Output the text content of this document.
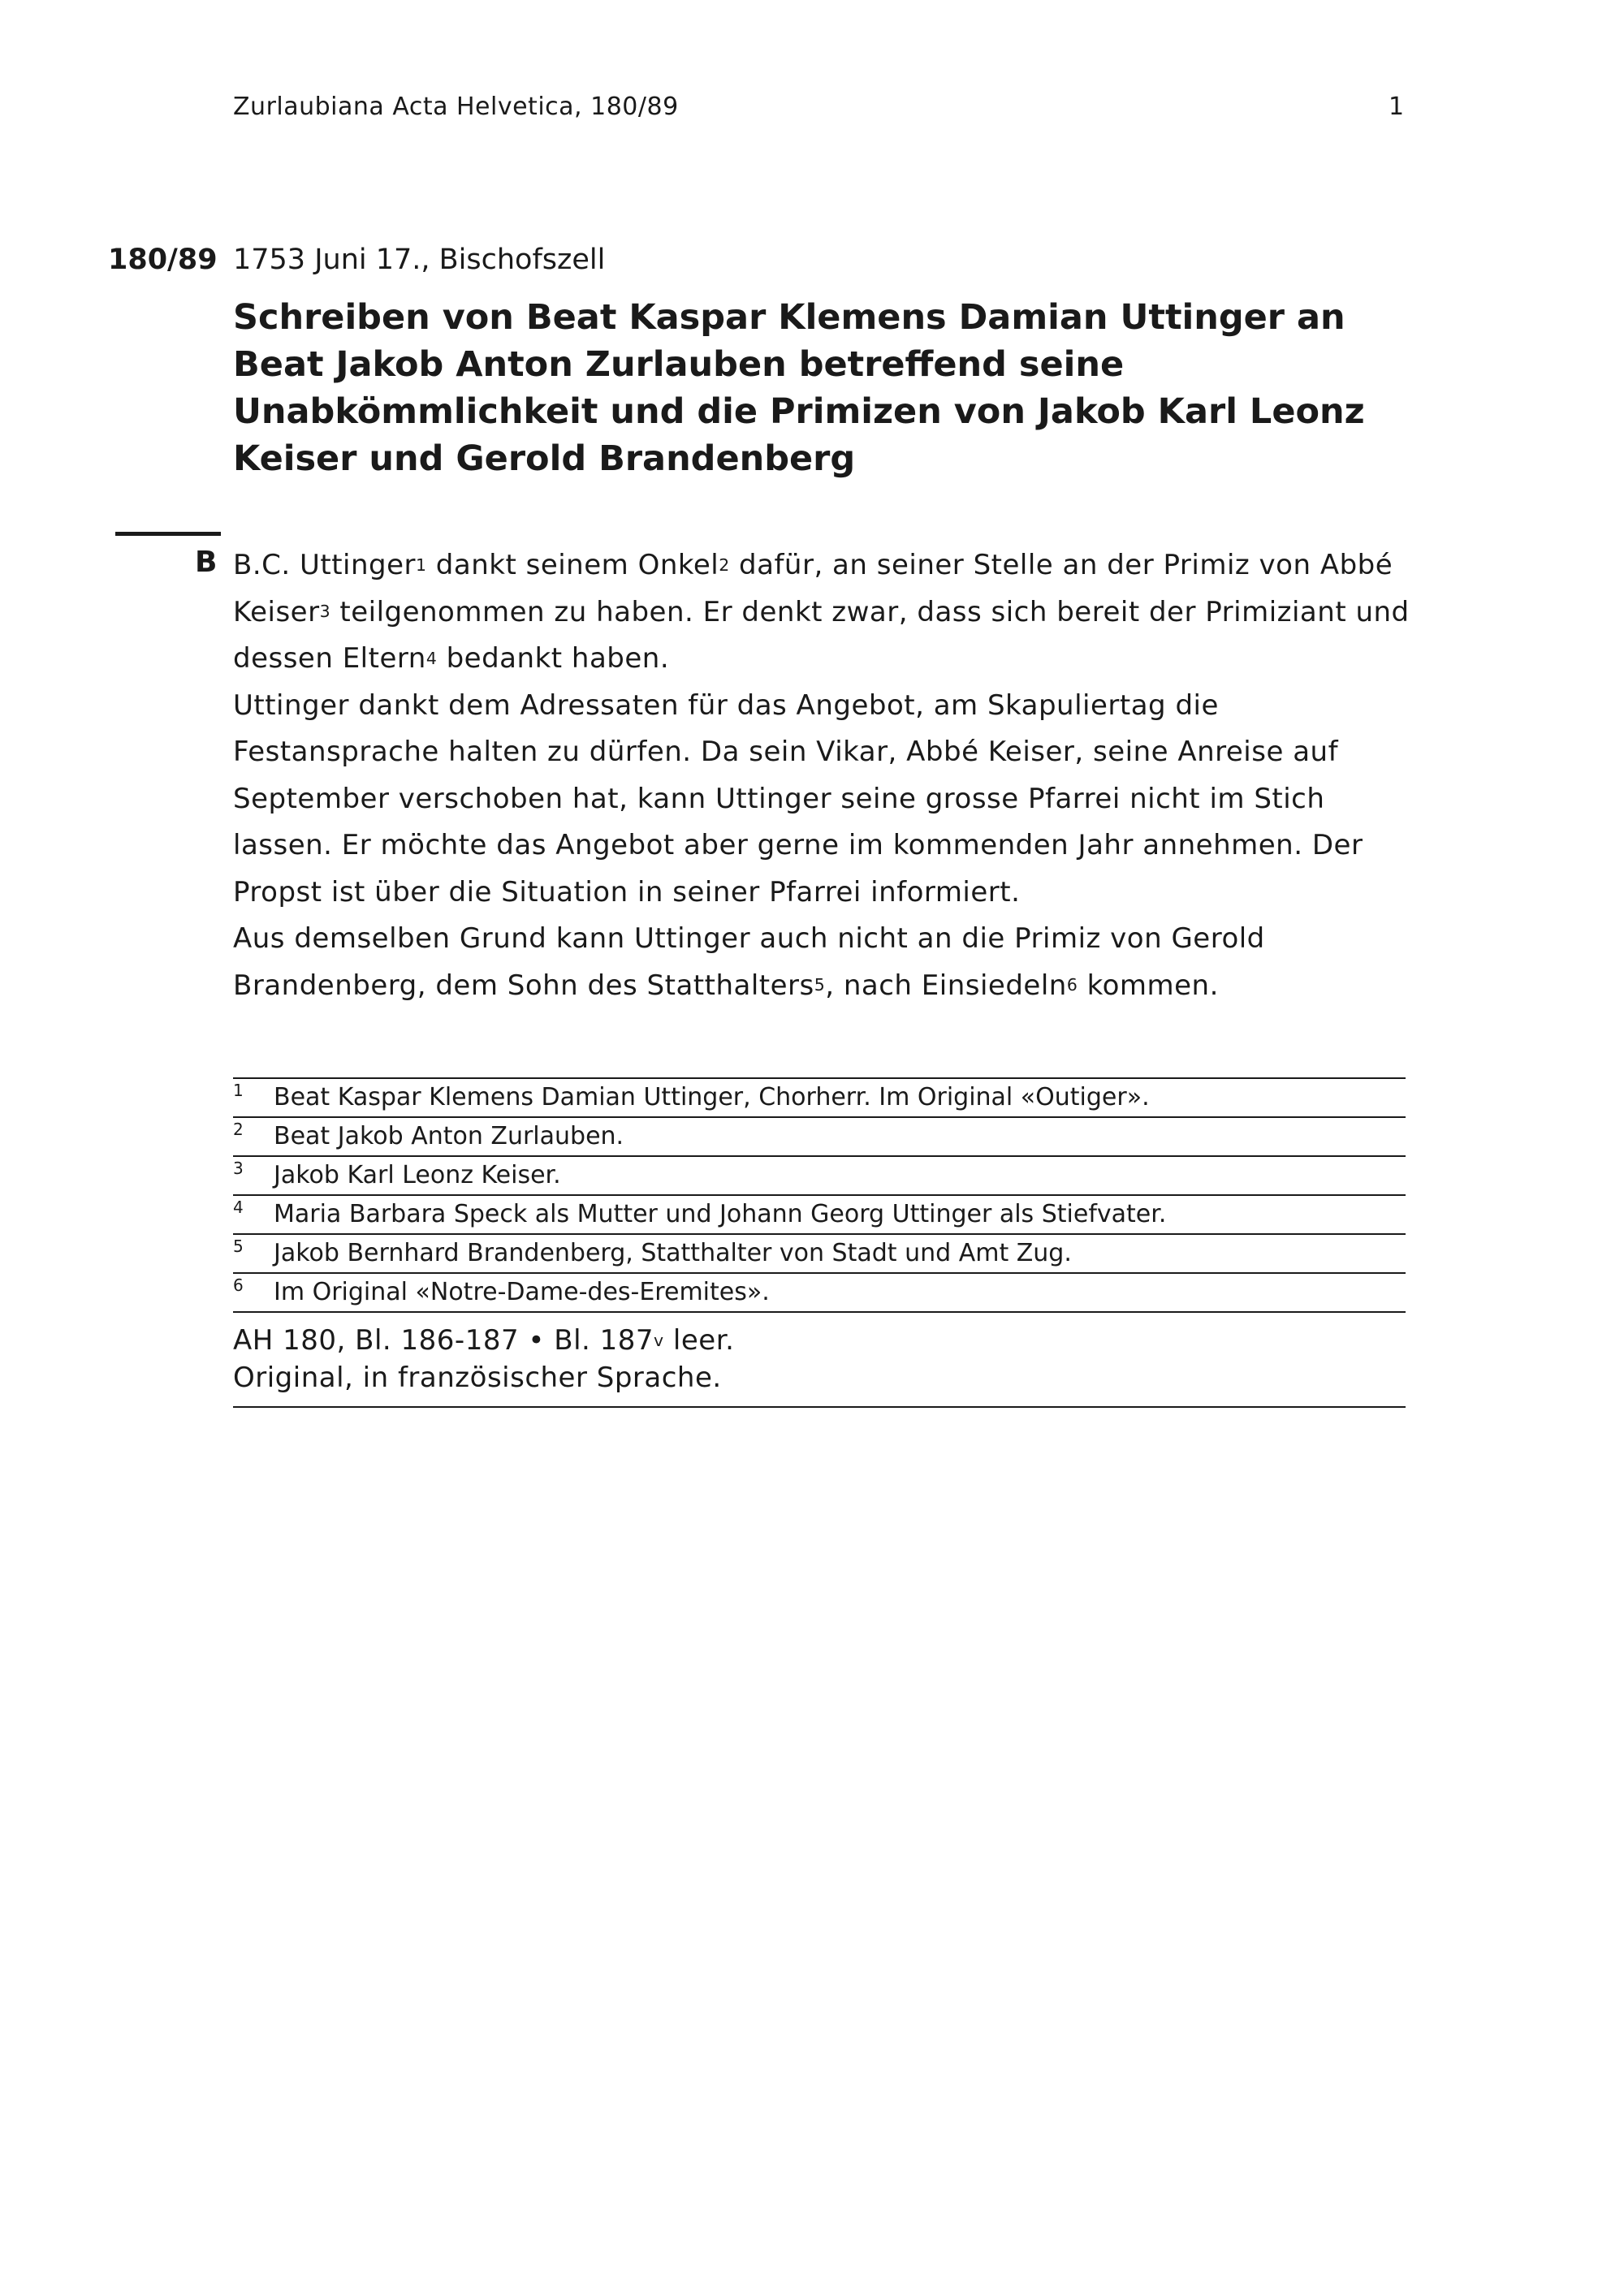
Zurlaubiana Acta Helvetica, 180/89	1
180/89 1753 Juni 17., Bischofszell
Schreiben von Beat Kaspar Klemens Damian Uttinger an Beat Jakob Anton Zurlauben betreffend seine Unabkömmlichkeit und die Primizen von Jakob Karl Leonz Keiser und Gerold Brandenberg
B B.C. Uttinger$^1$ dankt seinem Onkel$^2$ dafür, an seiner Stelle an der Primiz von Abbé Keiser$^3$ teilgenommen zu haben. Er denkt zwar, dass sich bereit der Primiziant und dessen Eltern$^4$ bedankt haben.

Uttinger dankt dem Adressaten für das Angebot, am Skapuliertag die Festansprache halten zu dürfen. Da sein Vikar, Abbé Keiser, seine Anreise auf September verschoben hat, kann Uttinger seine grosse Pfarrei nicht im Stich lassen. Er möchte das Angebot aber gerne im kommenden Jahr annehmen. Der Propst ist über die Situation in seiner Pfarrei informiert.

Aus demselben Grund kann Uttinger auch nicht an die Primiz von Gerold Brandenberg, dem Sohn des Statthalters$^5$, nach Einsiedeln$^6$ kommen.

1 Beat Kaspar Klemens Damian Uttinger, Chorherr. Im Original «Outiger».
2 Beat Jakob Anton Zurlauben.
3 Jakob Karl Leonz Keiser.
4 Maria Barbara Speck als Mutter und Johann Georg Uttinger als Stiefvater.
5 Jakob Bernhard Brandenberg, Statthalter von Stadt und Amt Zug.
6 Im Original «Notre-Dame-des-Eremites».
AH 180, Bl. 186-187 • Bl. 187$^v$ leer.
Original, in französischer Sprache.
